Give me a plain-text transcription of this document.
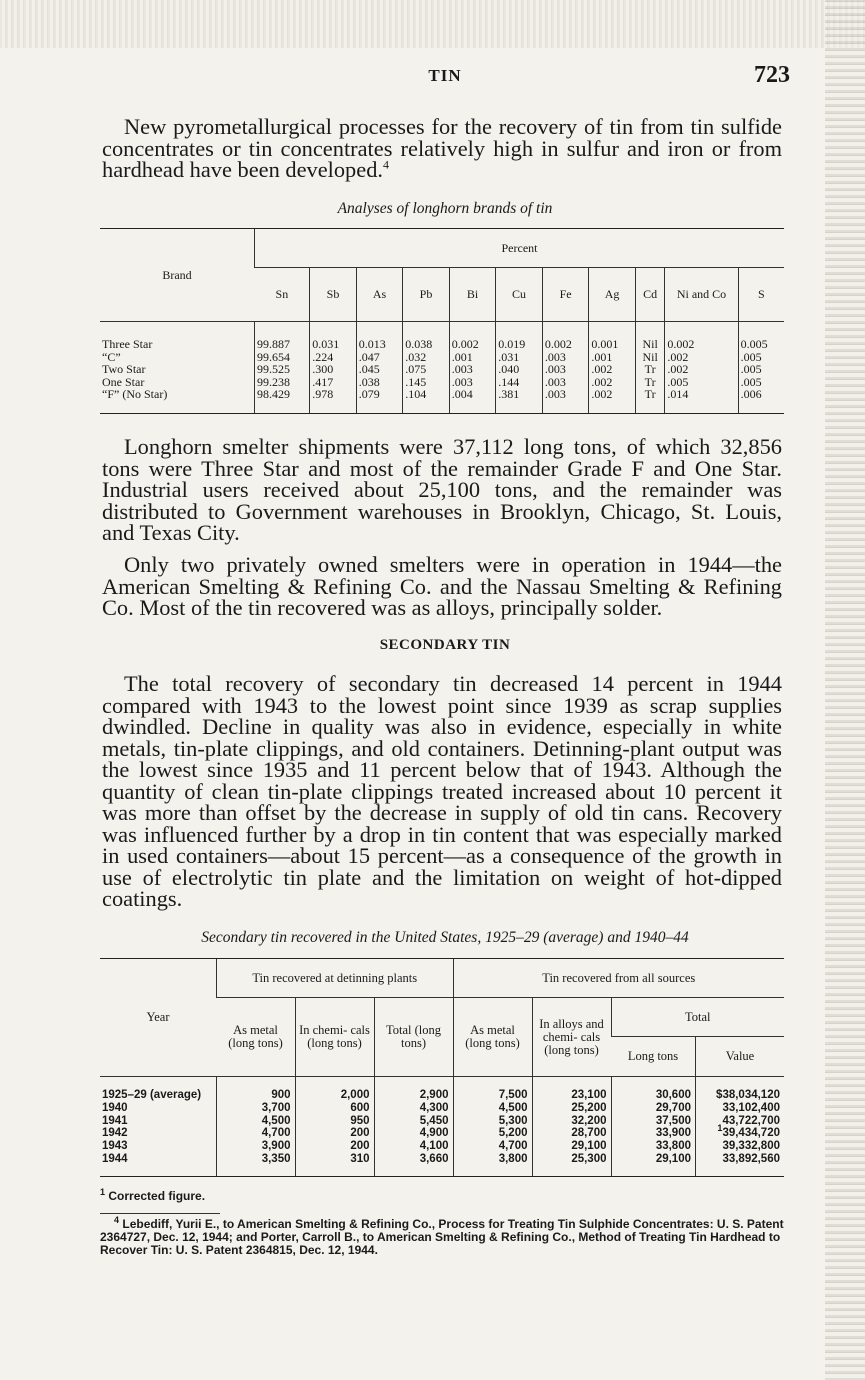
TIN	723

New pyrometallurgical processes for the recovery of tin from tin sulfide concentrates or tin concentrates relatively high in sulfur and iron or from hardhead have been developed.$^4$

Analyses of longhorn brands of tin
Brand	Percent										
	Sn	Sb	As	Pb	Bi	Cu	Fe	Ag	Cd	Ni and Co	S
Three Star	99.887	0.031	0.013	0.038	0.002	0.019	0.002	0.001	Nil	0.002	0.005
“C”	99.654	.224	.047	.032	.001	.031	.003	.001	Nil	.002	.005
Two Star	99.525	.300	.045	.075	.003	.040	.003	.002	Tr	.002	.005
One Star	99.238	.417	.038	.145	.003	.144	.003	.002	Tr	.005	.005
“F” (No Star)	98.429	.978	.079	.104	.004	.381	.003	.002	Tr	.014	.006

Longhorn smelter shipments were 37,112 long tons, of which 32,856 tons were Three Star and most of the remainder Grade F and One Star. Industrial users received about 25,100 tons, and the remainder was distributed to Government warehouses in Brooklyn, Chicago, St. Louis, and Texas City.

Only two privately owned smelters were in operation in 1944—the American Smelting & Refining Co. and the Nassau Smelting & Refining Co. Most of the tin recovered was as alloys, principally solder.

SECONDARY TIN

The total recovery of secondary tin decreased 14 percent in 1944 compared with 1943 to the lowest point since 1939 as scrap supplies dwindled. Decline in quality was also in evidence, especially in white metals, tin-plate clippings, and old containers. Detinning-plant output was the lowest since 1935 and 11 percent below that of 1943. Although the quantity of clean tin-plate clippings treated increased about 10 percent it was more than offset by the decrease in supply of old tin cans. Recovery was influenced further by a drop in tin content that was especially marked in used containers—about 15 percent—as a consequence of the growth in use of electrolytic tin plate and the limitation on weight of hot-dipped coatings.

Secondary tin recovered in the United States, 1925–29 (average) and 1940–44
Year	Tin recovered at detinning plants			Tin recovered from all sources			
	As metal (long tons)	In chemi- cals (long tons)	Total (long tons)	As metal (long tons)	In alloys and chemi- cals (long tons)	Total	
						Long tons	Value
1925–29 (average)	900	2,000	2,900	7,500	23,100	30,600	$38,034,120
1940	3,700	600	4,300	4,500	25,200	29,700	33,102,400
1941	4,500	950	5,450	5,300	32,200	37,500	43,722,700
1942	4,700	200	4,900	5,200	28,700	33,900	$^1$39,434,720
1943	3,900	200	4,100	4,700	29,100	33,800	39,332,800
1944	3,350	310	3,660	3,800	25,300	29,100	33,892,560
$^1$ Corrected figure.
$^4$ Lebediff, Yurii E., to American Smelting & Refining Co., Process for Treating Tin Sulphide Concentrates: U. S. Patent 2364727, Dec. 12, 1944; and Porter, Carroll B., to American Smelting & Refining Co., Method of Treating Tin Hardhead to Recover Tin: U. S. Patent 2364815, Dec. 12, 1944.
